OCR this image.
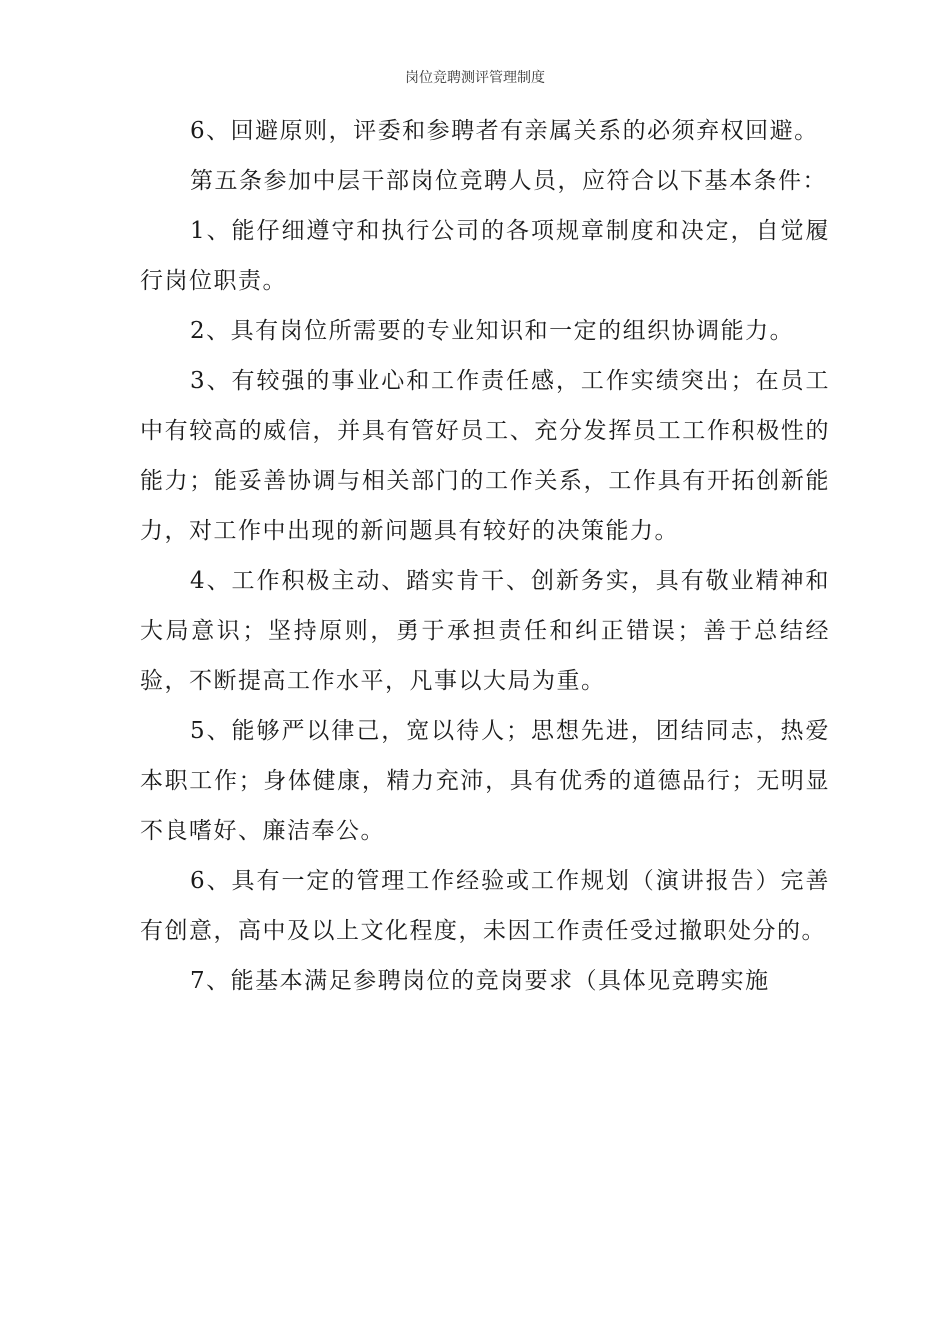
岗位竞聘测评管理制度

6、回避原则，评委和参聘者有亲属关系的必须弃权回避。

第五条参加中层干部岗位竞聘人员，应符合以下基本条件：

1、能仔细遵守和执行公司的各项规章制度和决定，自觉履行岗位职责。

2、具有岗位所需要的专业知识和一定的组织协调能力。

3、有较强的事业心和工作责任感，工作实绩突出；在员工中有较高的威信，并具有管好员工、充分发挥员工工作积极性的能力；能妥善协调与相关部门的工作关系，工作具有开拓创新能力，对工作中出现的新问题具有较好的决策能力。

4、工作积极主动、踏实肯干、创新务实，具有敬业精神和大局意识；坚持原则，勇于承担责任和纠正错误；善于总结经验，不断提高工作水平，凡事以大局为重。

5、能够严以律己，宽以待人；思想先进，团结同志，热爱本职工作；身体健康，精力充沛，具有优秀的道德品行；无明显不良嗜好、廉洁奉公。

6、具有一定的管理工作经验或工作规划（演讲报告）完善有创意，高中及以上文化程度，未因工作责任受过撤职处分的。

7、能基本满足参聘岗位的竞岗要求（具体见竞聘实施
